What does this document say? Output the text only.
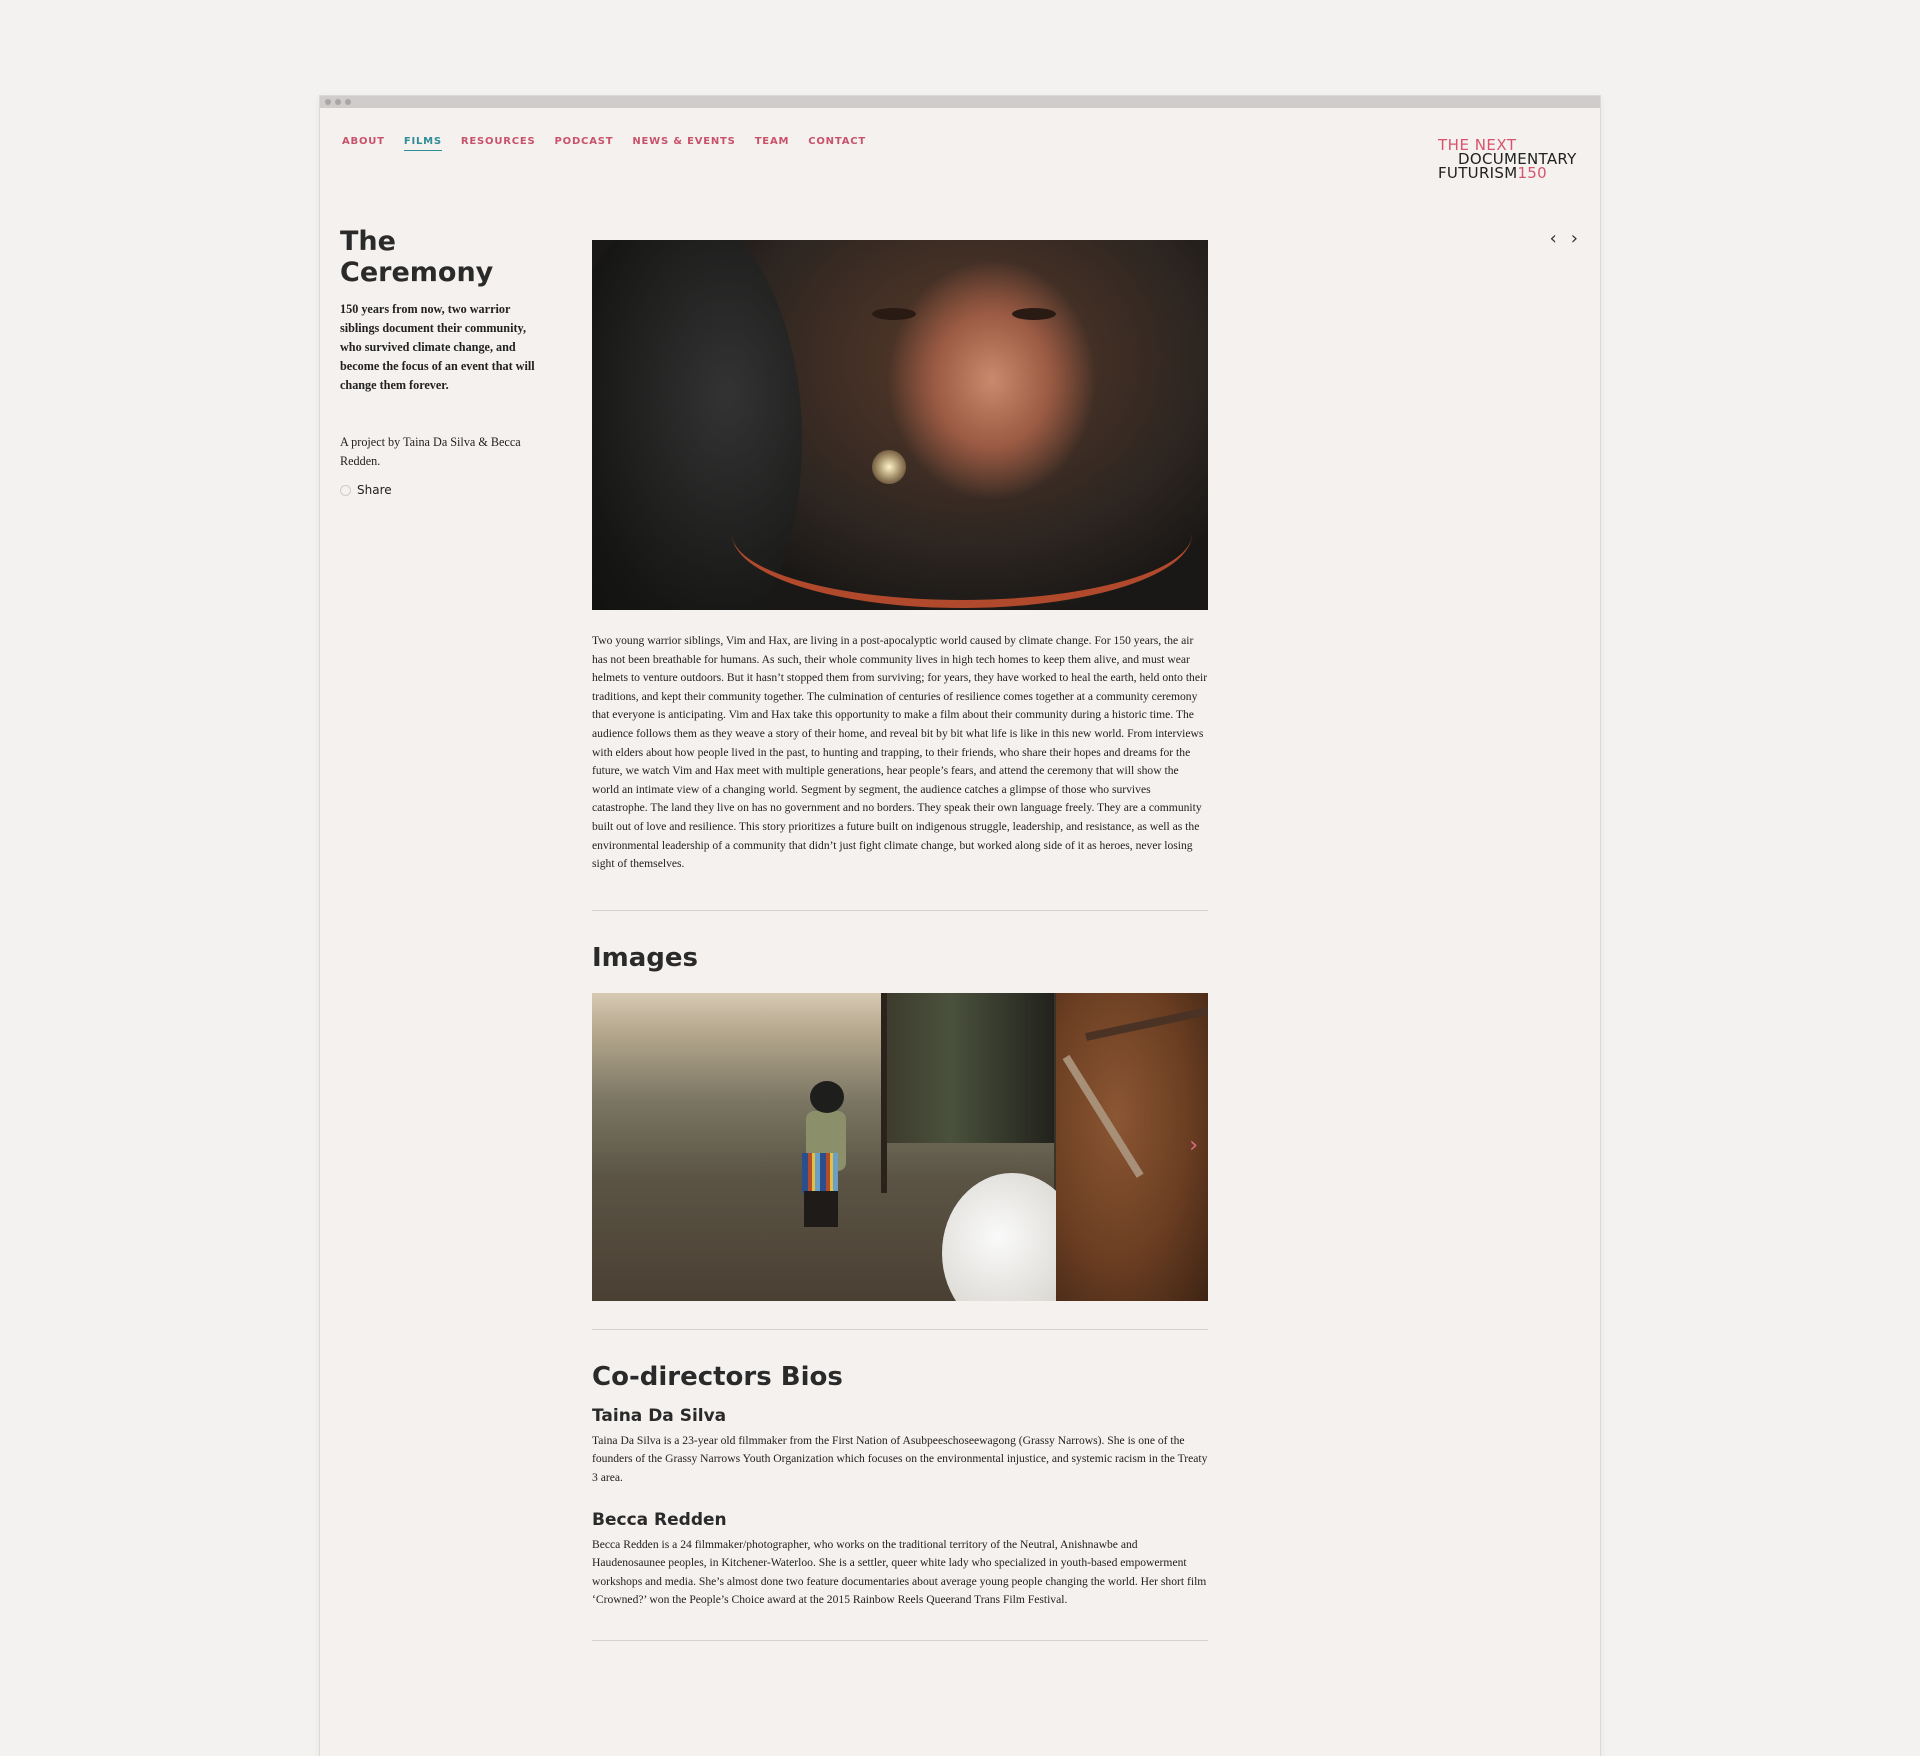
ABOUT FILMS RESOURCES PODCAST NEWS & EVENTS TEAM CONTACT	THE NEXT
DOCUMENTARY
FUTURISM150
‹ ›
The Ceremony

150 years from now, two warrior siblings document their community, who survived climate change, and become the focus of an event that will change them forever.

A project by Taina Da Silva & Becca Redden.

Share

Two young warrior siblings, Vim and Hax, are living in a post-apocalyptic world caused by climate change. For 150 years, the air has not been breathable for humans. As such, their whole community lives in high tech homes to keep them alive, and must wear helmets to venture outdoors. But it hasn’t stopped them from surviving; for years, they have worked to heal the earth, held onto their traditions, and kept their community together. The culmination of centuries of resilience comes together at a community ceremony that everyone is anticipating. Vim and Hax take this opportunity to make a film about their community during a historic time. The audience follows them as they weave a story of their home, and reveal bit by bit what life is like in this new world. From interviews with elders about how people lived in the past, to hunting and trapping, to their friends, who share their hopes and dreams for the future, we watch Vim and Hax meet with multiple generations, hear people’s fears, and attend the ceremony that will show the world an intimate view of a changing world. Segment by segment, the audience catches a glimpse of those who survives catastrophe. The land they live on has no government and no borders. They speak their own language freely. They are a community built out of love and resilience. This story prioritizes a future built on indigenous struggle, leadership, and resistance, as well as the environmental leadership of a community that didn’t just fight climate change, but worked along side of it as heroes, never losing sight of themselves.

Images
›
Co-directors Bios
Taina Da Silva

Taina Da Silva is a 23-year old filmmaker from the First Nation of Asubpeeschoseewagong (Grassy Narrows). She is one of the founders of the Grassy Narrows Youth Organization which focuses on the environmental injustice, and systemic racism in the Treaty 3 area.

Becca Redden

Becca Redden is a 24 filmmaker/photographer, who works on the traditional territory of the Neutral, Anishnawbe and Haudenosaunee peoples, in Kitchener-Waterloo. She is a settler, queer white lady who specialized in youth-based empowerment workshops and media. She’s almost done two feature documentaries about average young people changing the world. Her short film ‘Crowned?’ won the People’s Choice award at the 2015 Rainbow Reels Queerand Trans Film Festival.
